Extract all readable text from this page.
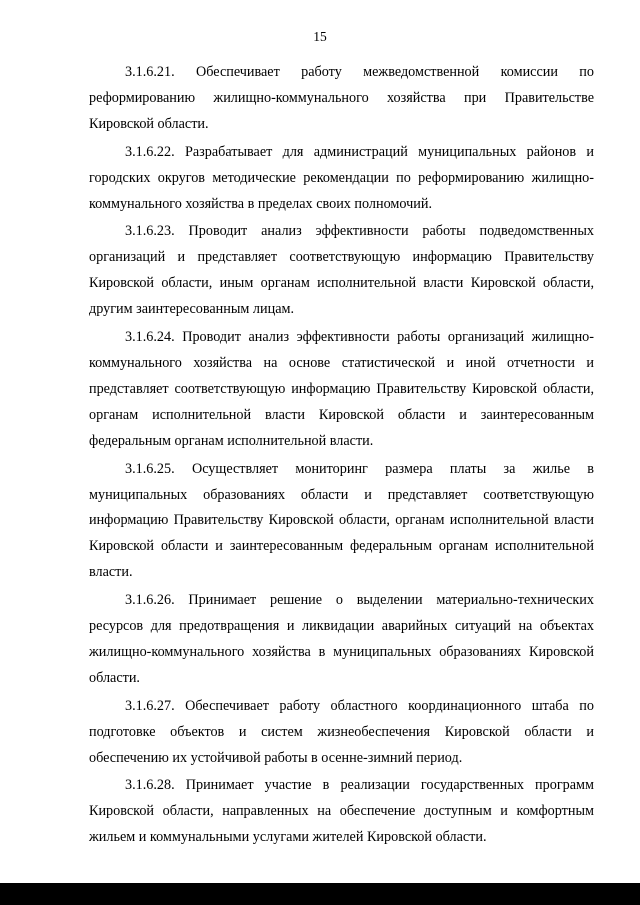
15

3.1.6.21. Обеспечивает работу межведомственной комиссии по реформированию жилищно-коммунального хозяйства при Правительстве Кировской области.

3.1.6.22. Разрабатывает для администраций муниципальных районов и городских округов методические рекомендации по реформированию жилищно-коммунального хозяйства в пределах своих полномочий.

3.1.6.23. Проводит анализ эффективности работы подведомственных организаций и представляет соответствующую информацию Правительству Кировской области, иным органам исполнительной власти Кировской области, другим заинтересованным лицам.

3.1.6.24. Проводит анализ эффективности работы организаций жилищно-коммунального хозяйства на основе статистической и иной отчетности и представляет соответствующую информацию Правительству Кировской области, органам исполнительной власти Кировской области и заинтересованным федеральным органам исполнительной власти.

3.1.6.25. Осуществляет мониторинг размера платы за жилье в муниципальных образованиях области и представляет соответствующую информацию Правительству Кировской области, органам исполнительной власти Кировской области и заинтересованным федеральным органам исполнительной власти.

3.1.6.26. Принимает решение о выделении материально-технических ресурсов для предотвращения и ликвидации аварийных ситуаций на объектах жилищно-коммунального хозяйства в муниципальных образованиях Кировской области.

3.1.6.27. Обеспечивает работу областного координационного штаба по подготовке объектов и систем жизнеобеспечения Кировской области и обеспечению их устойчивой работы в осенне-зимний период.

3.1.6.28. Принимает участие в реализации государственных программ Кировской области, направленных на обеспечение доступным и комфортным жильем и коммунальными услугами жителей Кировской области.
